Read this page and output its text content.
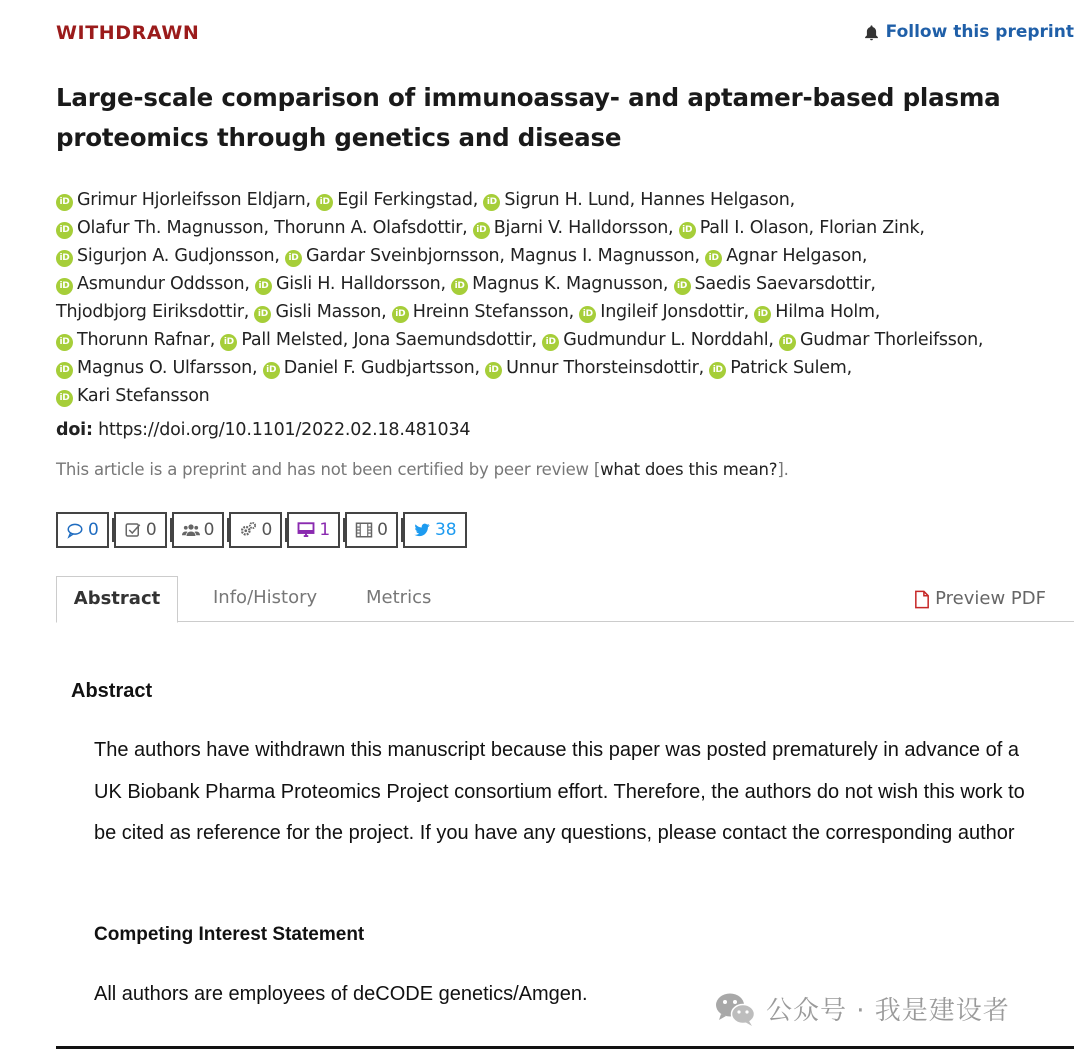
WITHDRAWN	Follow this preprint
Large-scale comparison of immunoassay- and aptamer-based plasma proteomics through genetics and disease
iD Grimur Hjorleifsson Eldjarn, iD Egil Ferkingstad, iD Sigrun H. Lund, Hannes Helgason,
iD Olafur Th. Magnusson, Thorunn A. Olafsdottir, iD Bjarni V. Halldorsson, iD Pall I. Olason, Florian Zink,
iD Sigurjon A. Gudjonsson, iD Gardar Sveinbjornsson, Magnus I. Magnusson, iD Agnar Helgason,
iD Asmundur Oddsson, iD Gisli H. Halldorsson, iD Magnus K. Magnusson, iD Saedis Saevarsdottir,
Thjodbjorg Eiriksdottir, iD Gisli Masson, iD Hreinn Stefansson, iD Ingileif Jonsdottir, iD Hilma Holm,
iD Thorunn Rafnar, iD Pall Melsted, Jona Saemundsdottir, iD Gudmundur L. Norddahl, iD Gudmar Thorleifsson,
iD Magnus O. Ulfarsson, iD Daniel F. Gudbjartsson, iD Unnur Thorsteinsdottir, iD Patrick Sulem,
iD Kari Stefansson
doi: https://doi.org/10.1101/2022.02.18.481034
This article is a preprint and has not been certified by peer review [what does this mean?].
0	0	0	0	1	0	38
Abstract	Info/History	Metrics	Preview PDF
Abstract

The authors have withdrawn this manuscript because this paper was posted prematurely in advance of a UK Biobank Pharma Proteomics Project consortium effort. Therefore, the authors do not wish this work to be cited as reference for the project. If you have any questions, please contact the corresponding author

Competing Interest Statement

All authors are employees of deCODE genetics/Amgen.

公众号 · 我是建设者
